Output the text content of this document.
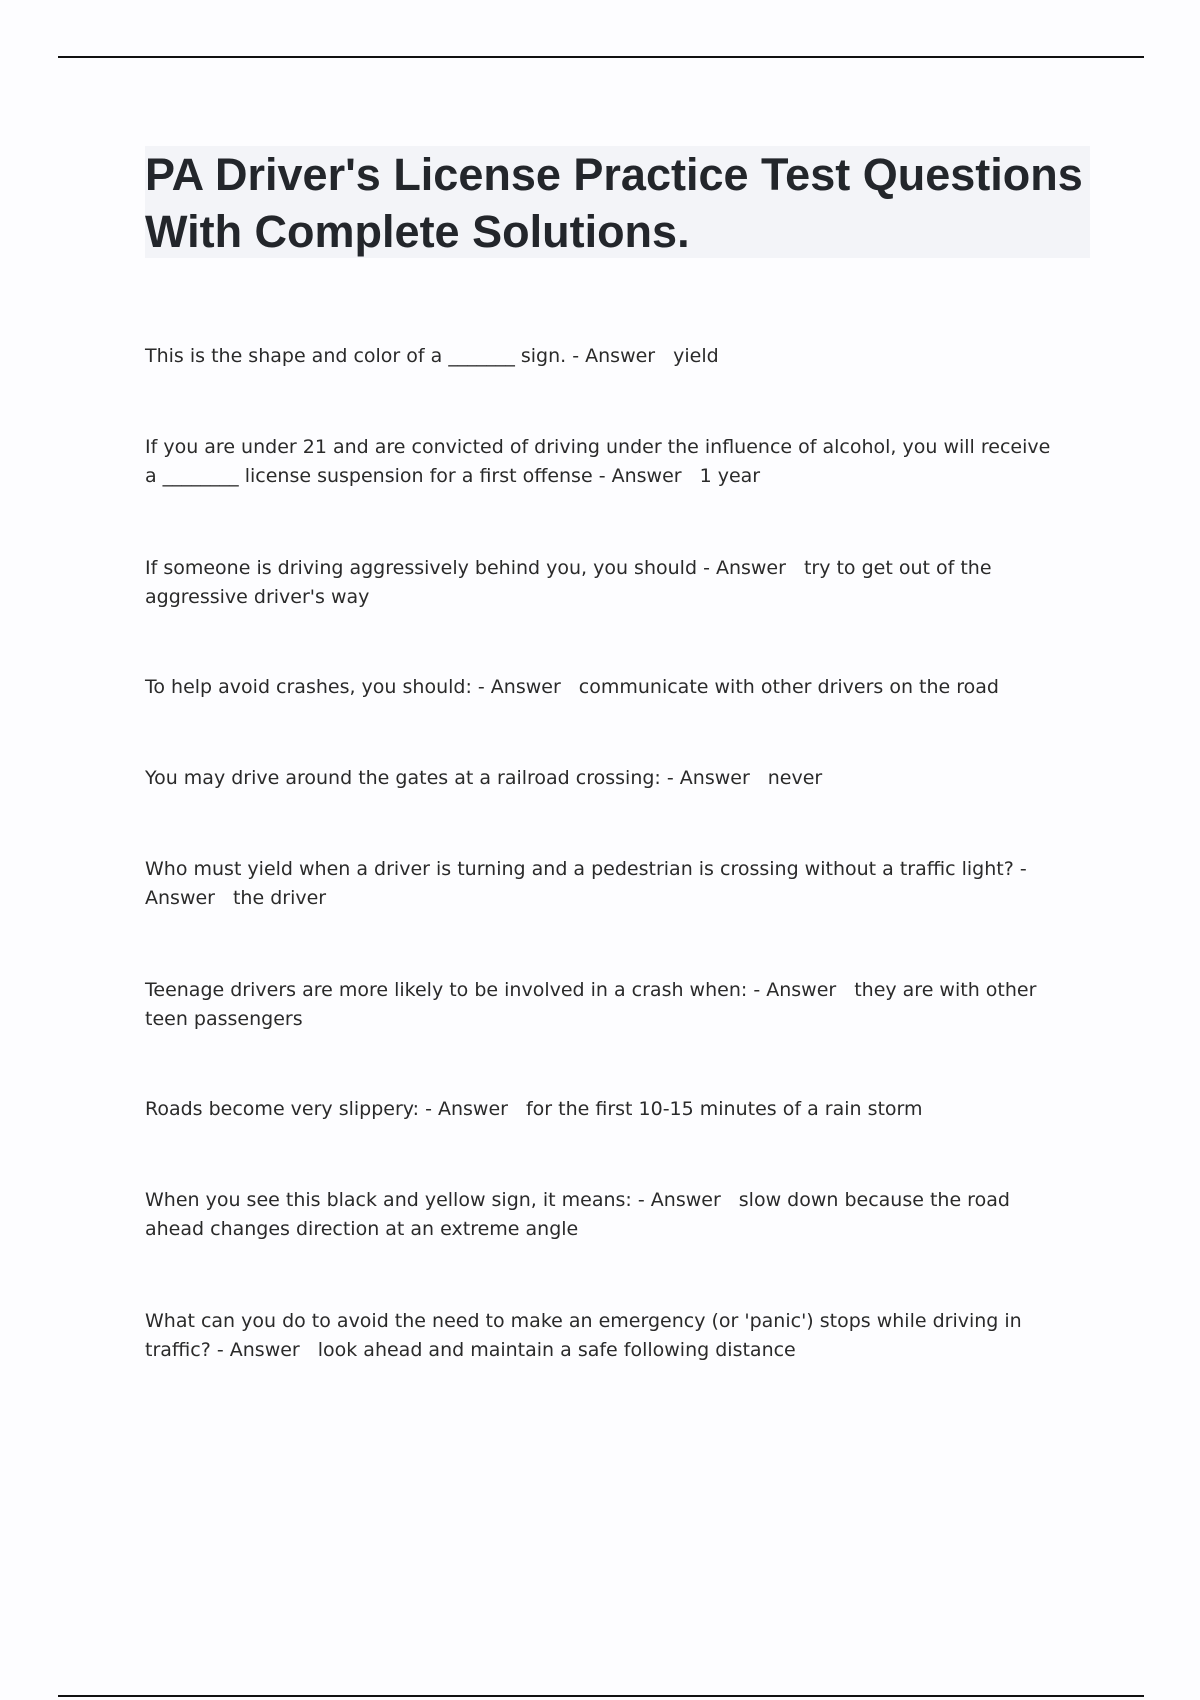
PA Driver's License Practice Test Questions With Complete Solutions.

This is the shape and color of a _______ sign. - Answer yield

If you are under 21 and are convicted of driving under the influence of alcohol, you will receive a ________ license suspension for a first offense - Answer 1 year

If someone is driving aggressively behind you, you should - Answer try to get out of the aggressive driver's way

To help avoid crashes, you should: - Answer communicate with other drivers on the road

You may drive around the gates at a railroad crossing: - Answer never

Who must yield when a driver is turning and a pedestrian is crossing without a traffic light? - Answer the driver

Teenage drivers are more likely to be involved in a crash when: - Answer they are with other teen passengers

Roads become very slippery: - Answer for the first 10-15 minutes of a rain storm

When you see this black and yellow sign, it means: - Answer slow down because the road ahead changes direction at an extreme angle

What can you do to avoid the need to make an emergency (or 'panic') stops while driving in traffic? - Answer look ahead and maintain a safe following distance
